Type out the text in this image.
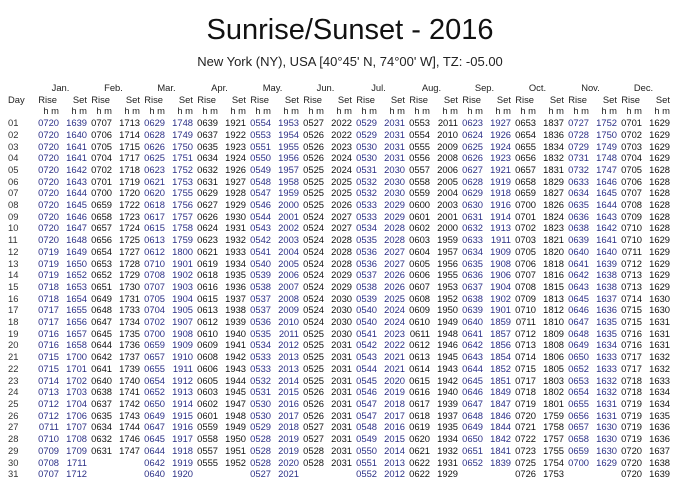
Sunrise/Sunset - 2016
New York (NY), USA [40°45' N, 74°00' W], TZ: -05.00
	Jan.		Feb.		Mar.		Apr.		May.		Jun.		Jul.		Aug.		Sep.		Oct.		Nov.		Dec.	
Day	Rise	Set	Rise	Set	Rise	Set	Rise	Set	Rise	Set	Rise	Set	Rise	Set	Rise	Set	Rise	Set	Rise	Set	Rise	Set	Rise	Set
	h m	h m	h m	h m	h m	h m	h m	h m	h m	h m	h m	h m	h m	h m	h m	h m	h m	h m	h m	h m	h m	h m	h m	h m
01	0720	1639	0707	1713	0629	1748	0639	1921	0554	1953	0527	2022	0529	2031	0553	2011	0623	1927	0653	1837	0727	1752	0701	1629
02	0720	1640	0706	1714	0628	1749	0637	1922	0553	1954	0526	2022	0529	2031	0554	2010	0624	1926	0654	1836	0728	1750	0702	1629
03	0720	1641	0705	1715	0626	1750	0635	1923	0551	1955	0526	2023	0530	2031	0555	2009	0625	1924	0655	1834	0729	1749	0703	1629
04	0720	1641	0704	1717	0625	1751	0634	1924	0550	1956	0526	2024	0530	2031	0556	2008	0626	1923	0656	1832	0731	1748	0704	1629
05	0720	1642	0702	1718	0623	1752	0632	1926	0549	1957	0525	2024	0531	2030	0557	2006	0627	1921	0657	1831	0732	1747	0705	1628
06	0720	1643	0701	1719	0621	1753	0631	1927	0548	1958	0525	2025	0532	2030	0558	2005	0628	1919	0658	1829	0633	1646	0706	1628
07	0720	1644	0700	1720	0620	1755	0629	1928	0547	1959	0525	2025	0532	2030	0559	2004	0629	1918	0659	1827	0634	1645	0707	1628
08	0720	1645	0659	1722	0618	1756	0627	1929	0546	2000	0525	2026	0533	2029	0600	2003	0630	1916	0700	1826	0635	1644	0708	1628
09	0720	1646	0658	1723	0617	1757	0626	1930	0544	2001	0524	2027	0533	2029	0601	2001	0631	1914	0701	1824	0636	1643	0709	1628
10	0720	1647	0657	1724	0615	1758	0624	1931	0543	2002	0524	2027	0534	2028	0602	2000	0632	1913	0702	1823	0638	1642	0710	1628
11	0720	1648	0656	1725	0613	1759	0623	1932	0542	2003	0524	2028	0535	2028	0603	1959	0633	1911	0703	1821	0639	1641	0710	1629
12	0719	1649	0654	1727	0612	1800	0621	1933	0541	2004	0524	2028	0536	2027	0604	1957	0634	1909	0705	1820	0640	1640	0711	1629
13	0719	1650	0653	1728	0710	1901	0619	1934	0540	2005	0524	2028	0536	2027	0605	1956	0635	1908	0706	1818	0641	1639	0712	1629
14	0719	1652	0652	1729	0708	1902	0618	1935	0539	2006	0524	2029	0537	2026	0606	1955	0636	1906	0707	1816	0642	1638	0713	1629
15	0718	1653	0651	1730	0707	1903	0616	1936	0538	2007	0524	2029	0538	2026	0607	1953	0637	1904	0708	1815	0643	1638	0713	1629
16	0718	1654	0649	1731	0705	1904	0615	1937	0537	2008	0524	2030	0539	2025	0608	1952	0638	1902	0709	1813	0645	1637	0714	1630
17	0717	1655	0648	1733	0704	1905	0613	1938	0537	2009	0524	2030	0540	2024	0609	1950	0639	1901	0710	1812	0646	1636	0715	1630
18	0717	1656	0647	1734	0702	1907	0612	1939	0536	2010	0524	2030	0540	2024	0610	1949	0640	1859	0711	1810	0647	1635	0715	1631
19	0716	1657	0645	1735	0700	1908	0610	1940	0535	2011	0525	2030	0541	2023	0611	1948	0641	1857	0712	1809	0648	1635	0716	1631
20	0716	1658	0644	1736	0659	1909	0609	1941	0534	2012	0525	2031	0542	2022	0612	1946	0642	1856	0713	1808	0649	1634	0716	1631
21	0715	1700	0642	1737	0657	1910	0608	1942	0533	2013	0525	2031	0543	2021	0613	1945	0643	1854	0714	1806	0650	1633	0717	1632
22	0715	1701	0641	1739	0655	1911	0606	1943	0533	2013	0525	2031	0544	2021	0614	1943	0644	1852	0715	1805	0652	1633	0717	1632
23	0714	1702	0640	1740	0654	1912	0605	1944	0532	2014	0525	2031	0545	2020	0615	1942	0645	1851	0717	1803	0653	1632	0718	1633
24	0713	1703	0638	1741	0652	1913	0603	1945	0531	2015	0526	2031	0546	2019	0616	1940	0646	1849	0718	1802	0654	1632	0718	1634
25	0712	1704	0637	1742	0650	1914	0602	1947	0530	2016	0526	2031	0547	2018	0617	1939	0647	1847	0719	1801	0655	1631	0719	1634
26	0712	1706	0635	1743	0649	1915	0601	1948	0530	2017	0526	2031	0547	2017	0618	1937	0648	1846	0720	1759	0656	1631	0719	1635
27	0711	1707	0634	1744	0647	1916	0559	1949	0529	2018	0527	2031	0548	2016	0619	1935	0649	1844	0721	1758	0657	1630	0719	1636
28	0710	1708	0632	1746	0645	1917	0558	1950	0528	2019	0527	2031	0549	2015	0620	1934	0650	1842	0722	1757	0658	1630	0719	1636
29	0709	1709	0631	1747	0644	1918	0557	1951	0528	2019	0528	2031	0550	2014	0621	1932	0651	1841	0723	1755	0659	1630	0720	1637
30	0708	1711			0642	1919	0555	1952	0528	2020	0528	2031	0551	2013	0622	1931	0652	1839	0725	1754	0700	1629	0720	1638
31	0707	1712			0640	1920			0527	2021			0552	2012	0622	1929			0726	1753			0720	1639
